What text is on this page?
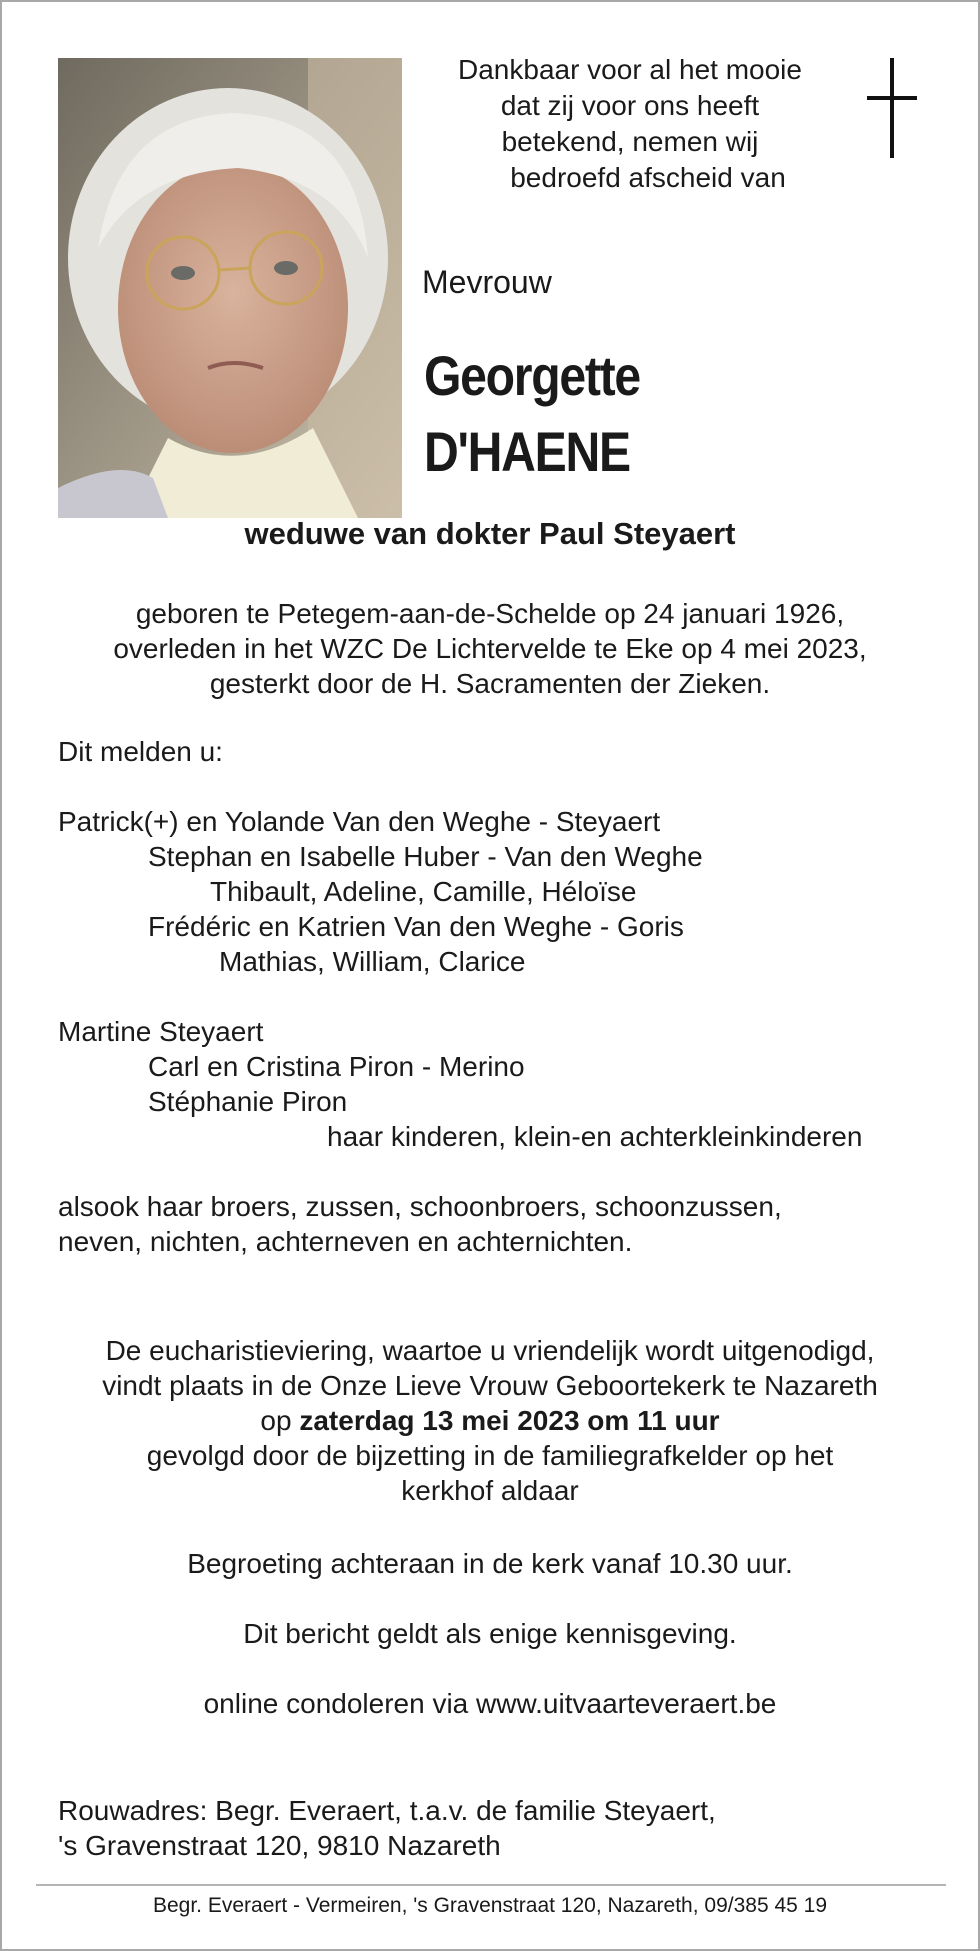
Dankbaar voor al het mooie
dat zij voor ons heeft
betekend, nemen wij
bedroefd afscheid van
Mevrouw
Georgette
D'HAENE
weduwe van dokter Paul Steyaert
geboren te Petegem-aan-de-Schelde op 24 januari 1926,
overleden in het WZC De Lichtervelde te Eke op 4 mei 2023,
gesterkt door de H. Sacramenten der Zieken.
Dit melden u:
Patrick(+) en Yolande Van den Weghe - Steyaert
Stephan en Isabelle Huber - Van den Weghe
Thibault, Adeline, Camille, Héloïse
Frédéric en Katrien Van den Weghe - Goris
Mathias, William, Clarice
Martine Steyaert
Carl en Cristina Piron - Merino
Stéphanie Piron
haar kinderen, klein-en achterkleinkinderen
alsook haar broers, zussen, schoonbroers, schoonzussen,
neven, nichten, achterneven en achternichten.
De eucharistieviering, waartoe u vriendelijk wordt uitgenodigd,
vindt plaats in de Onze Lieve Vrouw Geboortekerk te Nazareth
op zaterdag 13 mei 2023 om 11 uur
gevolgd door de bijzetting in de familiegrafkelder op het
kerkhof aldaar
Begroeting achteraan in de kerk vanaf 10.30 uur.
Dit bericht geldt als enige kennisgeving.
online condoleren via www.uitvaarteveraert.be
Rouwadres: Begr. Everaert, t.a.v. de familie Steyaert,
's Gravenstraat 120, 9810 Nazareth
Begr. Everaert - Vermeiren, 's Gravenstraat 120, Nazareth, 09/385 45 19
